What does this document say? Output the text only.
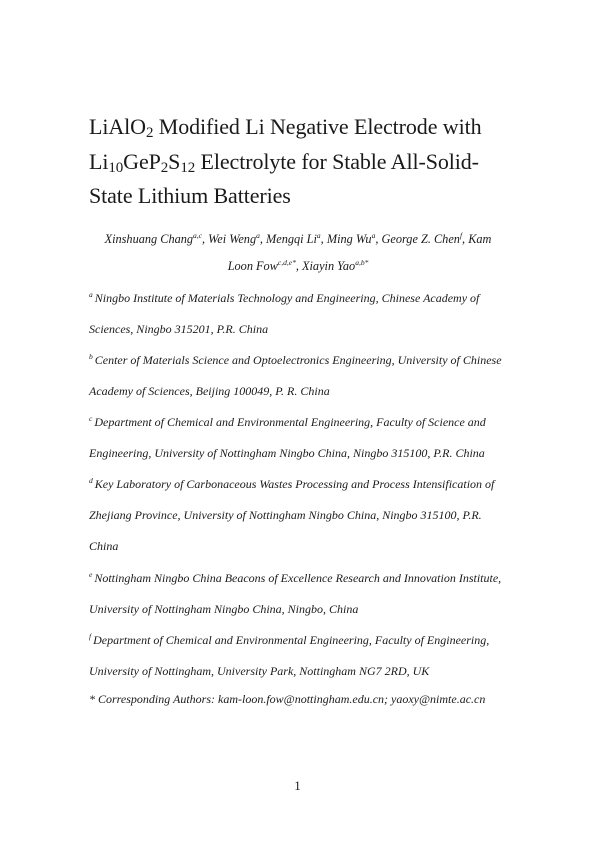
LiAlO$_2$ Modified Li Negative Electrode with
$Li_{10}GeP_2S_{12}$ Electrolyte for Stable All-Solid-
State Lithium Batteries
Xinshuang Chang$^{a,c}$, Wei Weng$^a$, Mengqi Li$^a$, Ming Wu$^a$, George Z. Chen$^f$, Kam
Loon Fow$^{c,d,e*}$, Xiayin Yao$^{a,b*}$
$^a$ Ningbo Institute of Materials Technology and Engineering, Chinese Academy of
Sciences, Ningbo 315201, P.R. China
$^b$ Center of Materials Science and Optoelectronics Engineering, University of Chinese
Academy of Sciences, Beijing 100049, P. R. China
$^c$ Department of Chemical and Environmental Engineering, Faculty of Science and
Engineering, University of Nottingham Ningbo China, Ningbo 315100, P.R. China
$^d$ Key Laboratory of Carbonaceous Wastes Processing and Process Intensification of
Zhejiang Province, University of Nottingham Ningbo China, Ningbo 315100, P.R.
China
$^e$ Nottingham Ningbo China Beacons of Excellence Research and Innovation Institute,
University of Nottingham Ningbo China, Ningbo, China
$^f$ Department of Chemical and Environmental Engineering, Faculty of Engineering,
University of Nottingham, University Park, Nottingham NG7 2RD, UK
* Corresponding Authors: kam-loon.fow@nottingham.edu.cn; yaoxy@nimte.ac.cn
1
